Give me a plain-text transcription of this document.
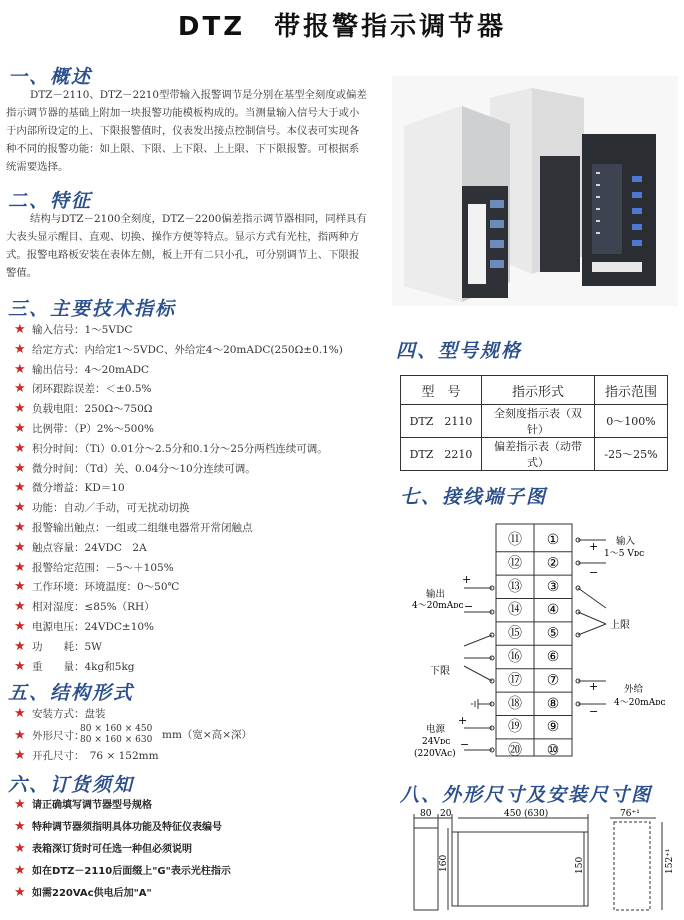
DTZ　带报警指示调节器
一、概述
DTZ－2110、DTZ－2210型带输入报警调节是分别在基型全刻度或偏差指示调节器的基础上附加一块报警功能模板构成的。当测量输入信号大于或小于内部所设定的上、下限报警值时，仪表发出接点控制信号。本仪表可实现各种不同的报警功能：如上限、下限、上下限、上上限、下下限报警。可根据系统需要选择。
二、特征
结构与DTZ－2100全刻度，DTZ－2200偏差指示调节器相同，同样具有大表头显示醒目、直观、切换、操作方便等特点。显示方式有光柱，指两种方式。报警电路板安装在表体左侧，板上开有二只小孔，可分别调节上、下限报警值。
三、主要技术指标
★ 输入信号：1～5VDC
★ 给定方式：内给定1～5VDC、外给定4～20mADC(250Ω±0.1%)
★ 输出信号：4～20mADC
★ 闭环跟踪误差：＜±0.5%
★ 负载电阻：250Ω～750Ω
★ 比例带：（P）2%～500%
★ 积分时间：（Ti）0.01分～2.5分和0.1分～25分两档连续可调。
★ 微分时间：（Td）关、0.04分～10分连续可调。
★ 微分增益：KD＝10
★ 功能：自动／手动，可无扰动切换
★ 报警输出触点：一组或二组继电器常开常闭触点
★ 触点容量：24VDC　2A
★ 报警给定范围：－5～＋105%
★ 工作环境：环境温度：0～50℃
★ 相对湿度：≤85%（RH）
★ 电源电压：24VDC±10%
★ 功　　耗：5W
★ 重　　量：4kg和5kg
五、结构形式
★ 安装方式：盘装
★ 外形尺寸：
80 × 160 × 450
80 × 160 × 630 mm（宽×高×深）
★ 开孔尺寸：　76 × 152mm
六、订货须知
★ 请正确填写调节器型号规格
★ 特种调节器须指明具体功能及特征仪表编号
★ 表箱深订货时可任选一种但必须说明
★ 如在DTZ－2110后面缀上"G"表示光柱指示
★ 如需220VAc供电后加"A"
四、型号规格
型　号	指示形式	指示范围
DTZ　2110	全刻度指示表（双针）	0～100%
DTZ　2210	偏差指示表（动带式）	-25～25%
七、接线端子图
⑪ ①
⑫ ②
⑬ ③
⑭ ④
⑮ ⑤
⑯ ⑥
⑰ ⑦
⑱ ⑧
⑲ ⑨
⑳ ⑩
+
−
输入
1～5 Vᴅᴄ
+
−
输出
4～20mAᴅᴄ
上限
下限
+
−
外给
4～20mAᴅᴄ
+
−
电源
24Vᴅᴄ
(220VAc)
八、外形尺寸及安装尺寸图
80 20	450 (630)
160	150
76⁺¹
152⁺¹
